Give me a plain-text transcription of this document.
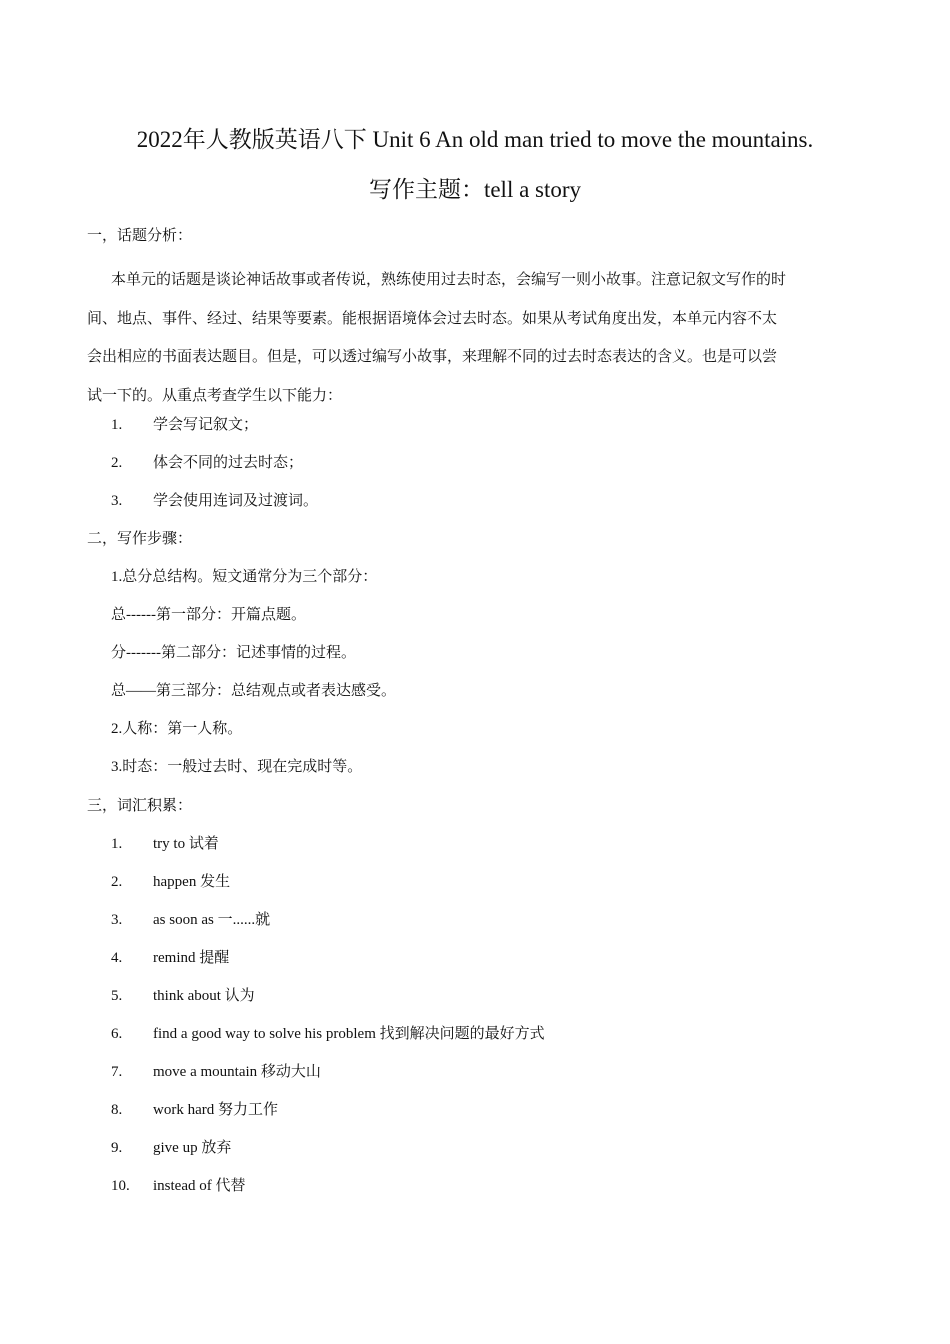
2022年人教版英语八下 Unit 6 An old man tried to move the mountains.
写作主题：tell a story
一，话题分析：
本单元的话题是谈论神话故事或者传说，熟练使用过去时态，会编写一则小故事。注意记叙文写作的时
间、地点、事件、经过、结果等要素。能根据语境体会过去时态。如果从考试角度出发，本单元内容不太
会出相应的书面表达题目。但是，可以透过编写小故事，来理解不同的过去时态表达的含义。也是可以尝
试一下的。从重点考查学生以下能力：
1. 学会写记叙文；
2. 体会不同的过去时态；
3. 学会使用连词及过渡词。
二，写作步骤：
1.总分总结构。短文通常分为三个部分：
总------第一部分：开篇点题。
分-------第二部分：记述事情的过程。
总——第三部分：总结观点或者表达感受。
2.人称：第一人称。
3.时态：一般过去时、现在完成时等。
三，词汇积累：
1. try to 试着
2. happen 发生
3. as soon as 一......就
4. remind 提醒
5. think about 认为
6. find a good way to solve his problem 找到解决问题的最好方式
7. move a mountain 移动大山
8. work hard 努力工作
9. give up 放弃
10. instead of 代替
